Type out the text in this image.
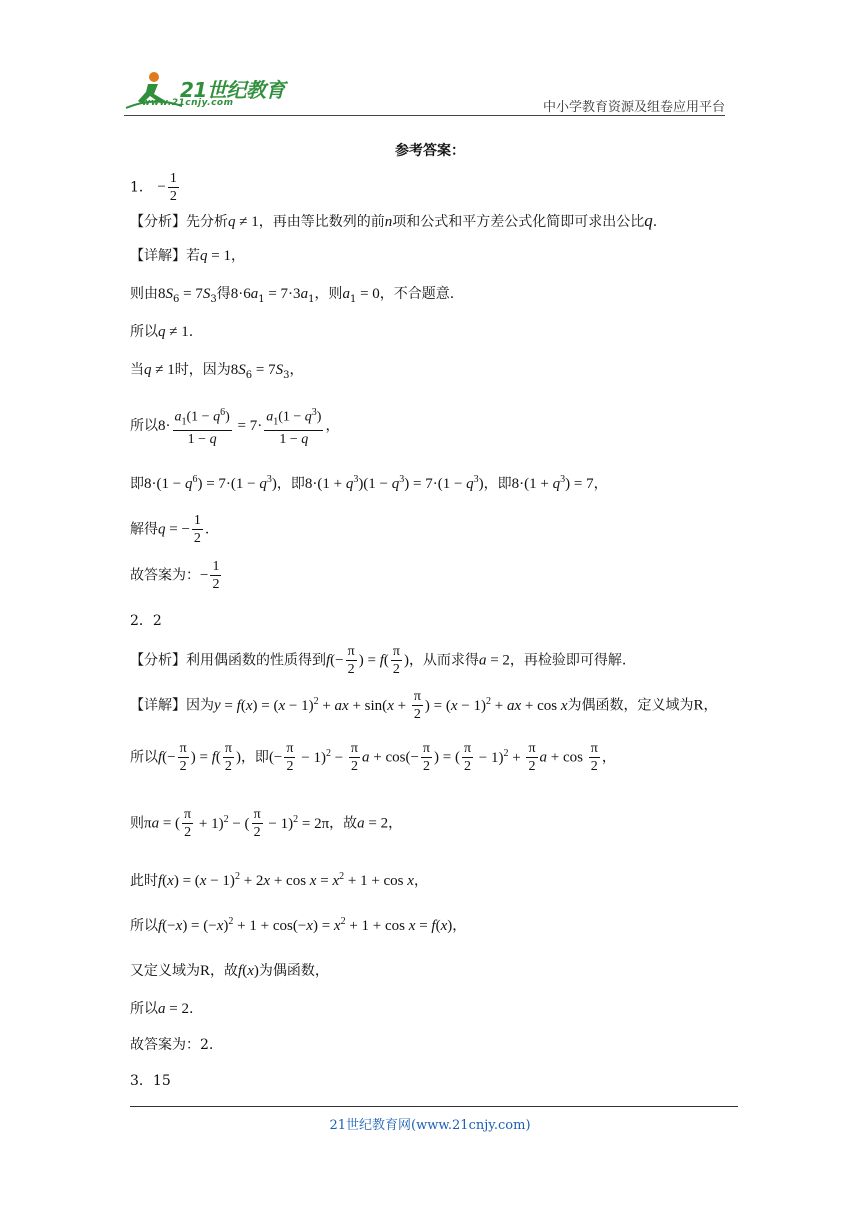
21世纪教育
www.21cnjy.com	中小学教育资源及组卷应用平台
参考答案：
1． − $\frac{1}{2}$
【分析】先分析q ≠ 1，再由等比数列的前n项和公式和平方差公式化简即可求出公比q.
【详解】若q = 1，
则由$8S_6 = 7S_3$得$8\cdot 6a_1 = 7\cdot 3a_1$，则$a_1 = 0$，不合题意.
所以q ≠ 1.
当q ≠ 1时，因为$8S_6 = 7S_3$，
所以$8\cdot \frac{a_1(1 - q^6)}{1 - q} = 7\cdot \frac{a_1(1 - q^3)}{1 - q}$ ，
即$8\cdot(1 - q^6) = 7\cdot(1 - q^3)$，即$8\cdot(1 + q^3)(1 - q^3) = 7\cdot(1 - q^3)$，即$8\cdot(1 + q^3) = 7$，
解得q = − $\frac{1}{2}$ .
故答案为：− $\frac{1}{2}$
2．2
【分析】利用偶函数的性质得到$f(- \frac{\pi}{2}$ ) = $f( \frac{\pi}{2}$ )，从而求得a = 2，再检验即可得解.
【详解】因为$y = f(x) = (x - 1)^2$ + ax + $\sin(x + \frac{\pi}{2}$ ) = $(x - 1)^2$ + ax + cos x为偶函数，定义域为R，
所以$f(- \frac{\pi}{2}$ ) = $f( \frac{\pi}{2}$ )，即(− $\frac{\pi}{2} - 1)^2 - \frac{\pi}{2}$ $a + \cos(- \frac{\pi}{2}$ ) = ( $\frac{\pi}{2} - 1)^2 + \frac{\pi}{2}$ $a + \cos \frac{\pi}{2}$ ，
则πa = ( $\frac{\pi}{2} + 1)^2$ − ( $\frac{\pi}{2} - 1)^2 = 2\pi$，故a = 2，
此时$f(x) = (x - 1)^2 + 2x + \cos x = x^2 + 1 + \cos x$，
所以$f(-x) = (-x)^2 + 1 + \cos(-x) = x^2 + 1 + \cos x = f(x)$，
又定义域为R，故f(x)为偶函数，
所以a = 2.
故答案为：2.
3．15
21世纪教育网(www.21cnjy.com)
